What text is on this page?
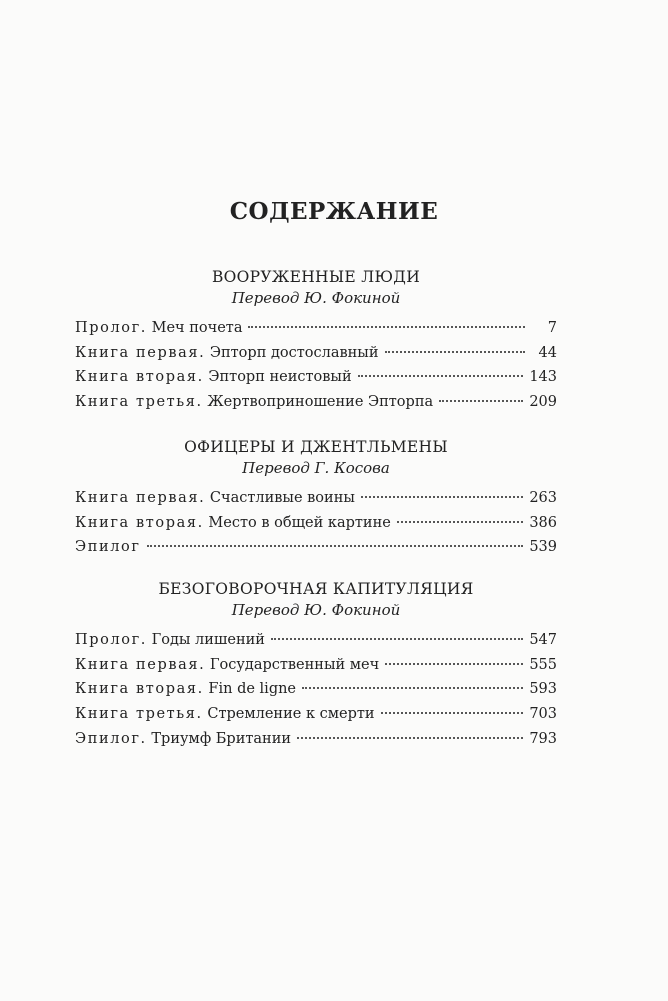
СОДЕРЖАНИЕ
ВООРУЖЕННЫЕ ЛЮДИ
Перевод Ю. Фокиной
Пролог. Меч почета	7
Книга первая. Эпторп достославный	44
Книга вторая. Эпторп неистовый	143
Книга третья. Жертвоприношение Эпторпа	209
ОФИЦЕРЫ И ДЖЕНТЛЬМЕНЫ
Перевод Г. Косова
Книга первая. Счастливые воины	263
Книга вторая. Место в общей картине	386
Эпилог	539
БЕЗОГОВОРОЧНАЯ КАПИТУЛЯЦИЯ
Перевод Ю. Фокиной
Пролог. Годы лишений	547
Книга первая. Государственный меч	555
Книга вторая. Fin de ligne	593
Книга третья. Стремление к смерти	703
Эпилог. Триумф Британии	793
